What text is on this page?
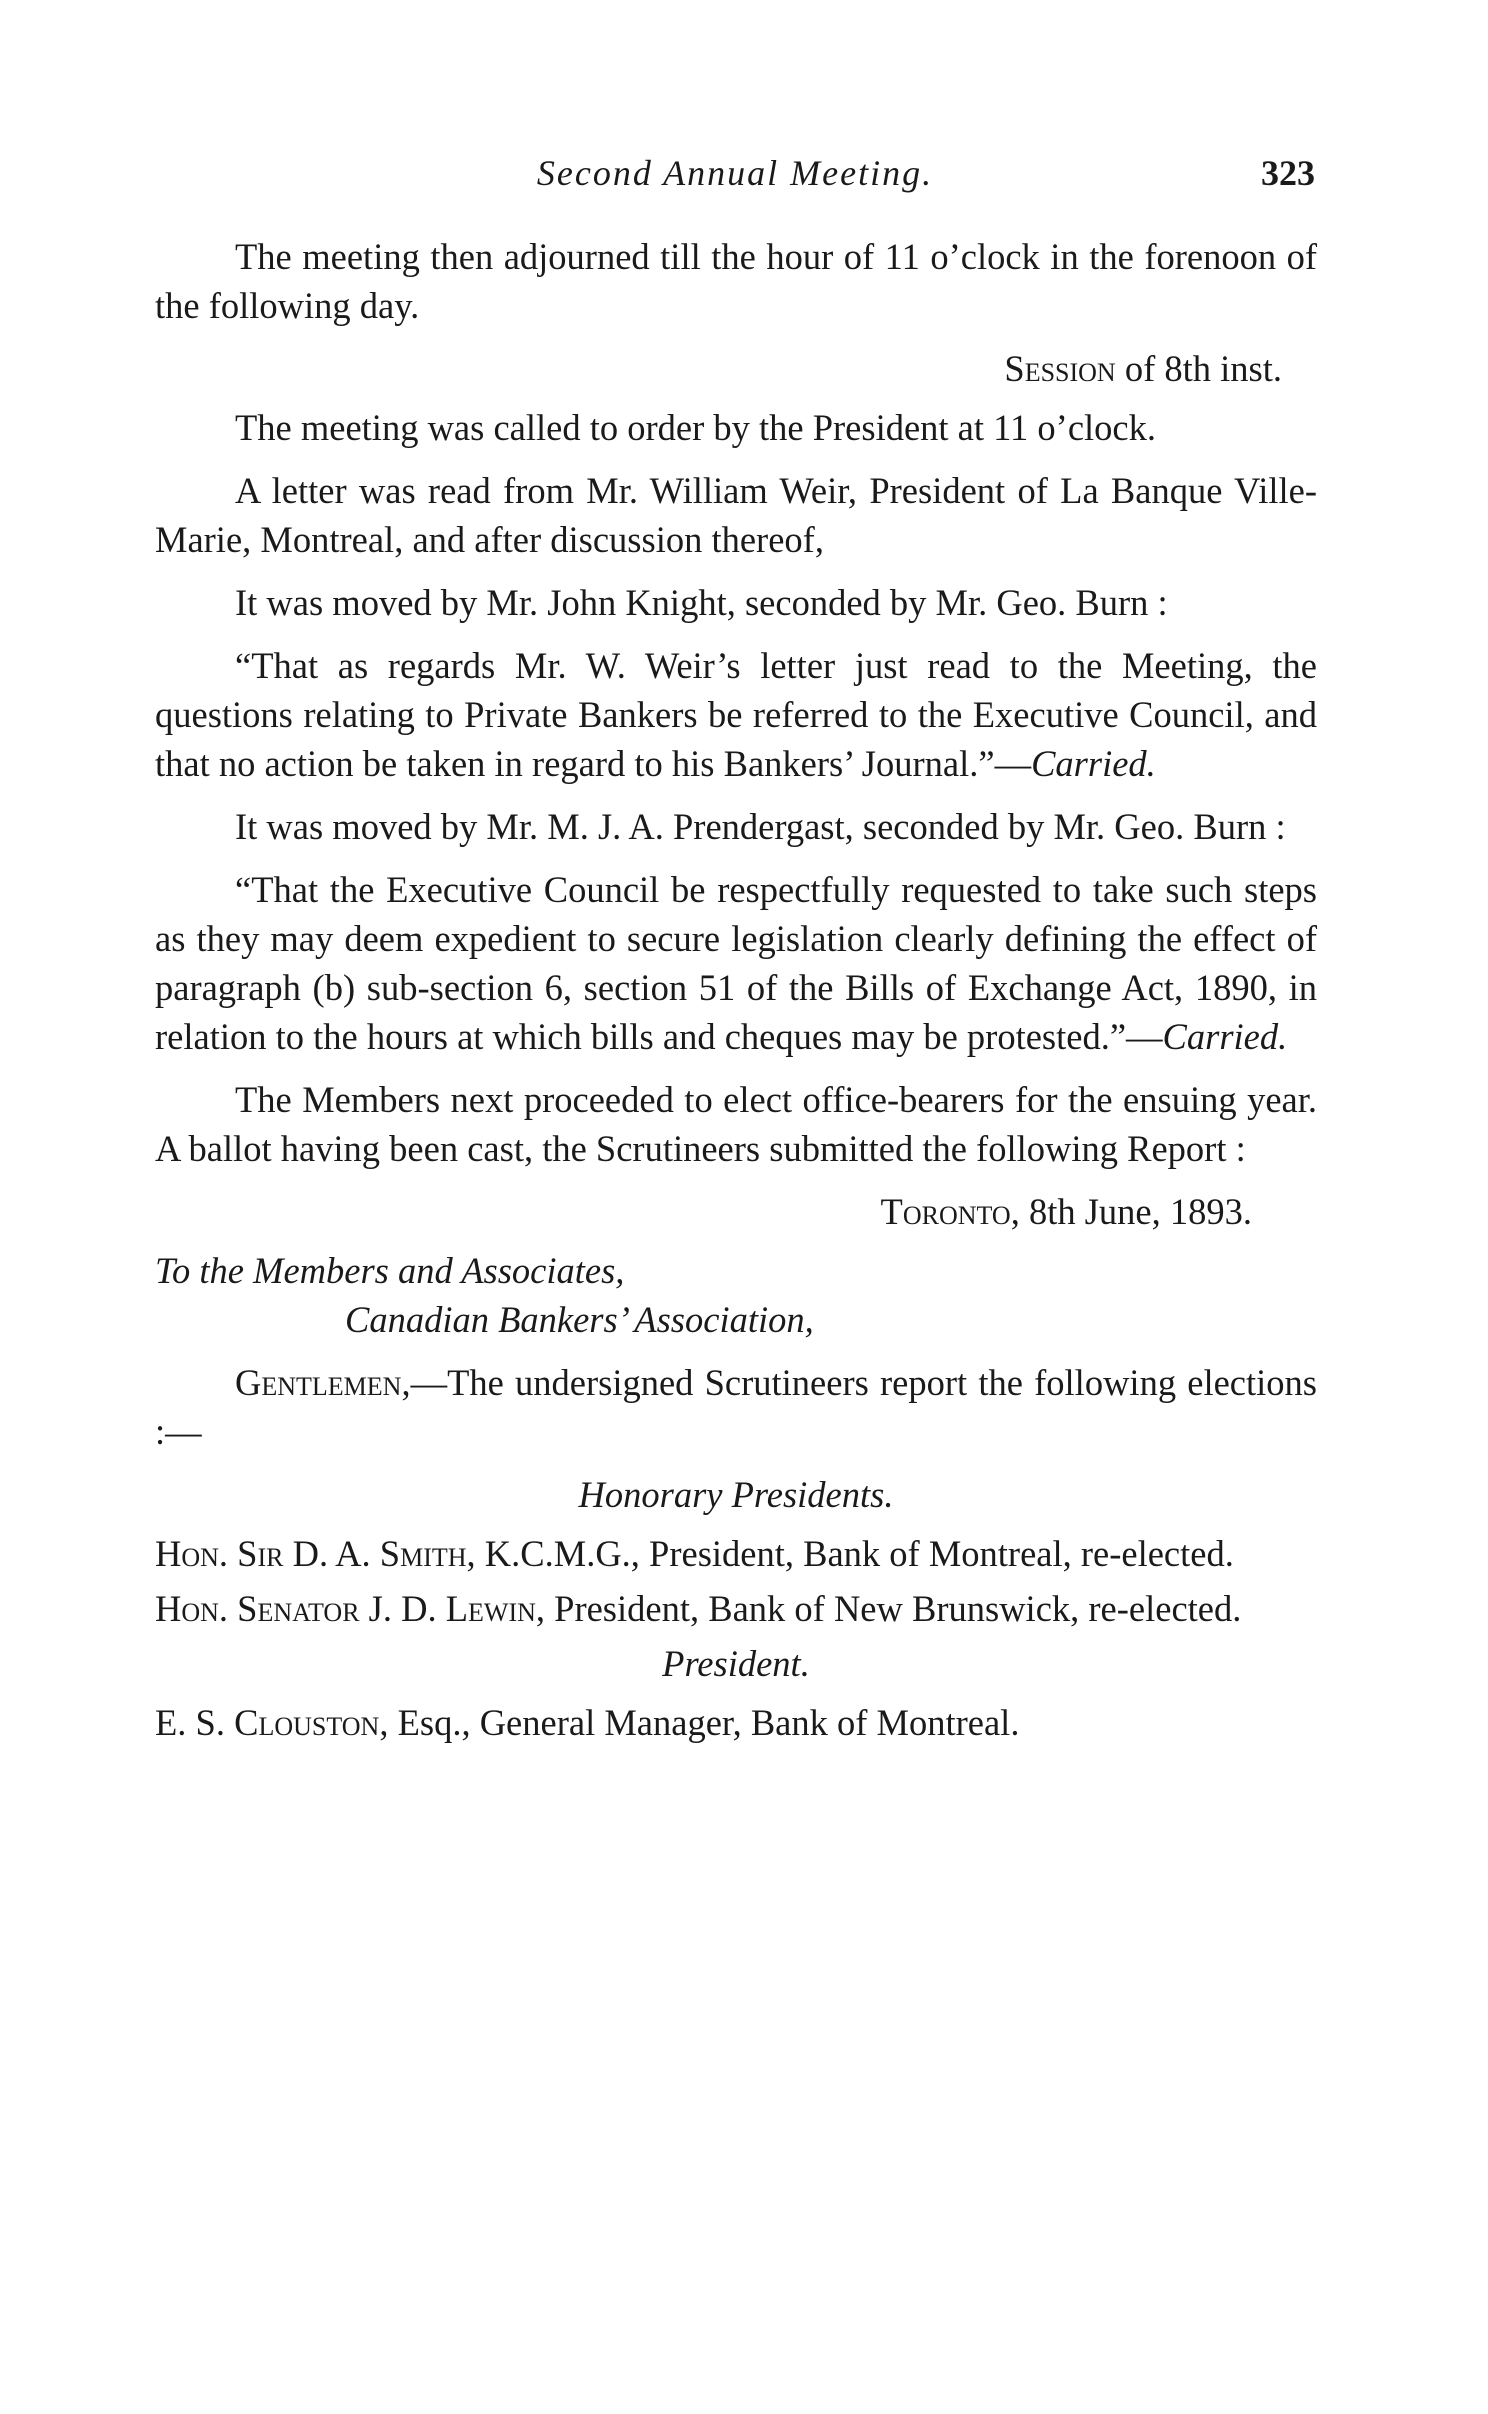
Second Annual Meeting.	323

The meeting then adjourned till the hour of 11 o’clock in the forenoon of the following day.

Session of 8th inst.

The meeting was called to order by the President at 11 o’clock.

A letter was read from Mr. William Weir, President of La Banque Ville-Marie, Montreal, and after discussion thereof,

It was moved by Mr. John Knight, seconded by Mr. Geo. Burn :

“That as regards Mr. W. Weir’s letter just read to the Meeting, the questions relating to Private Bankers be referred to the Executive Council, and that no action be taken in regard to his Bankers’ Journal.”—Carried.

It was moved by Mr. M. J. A. Prendergast, seconded by Mr. Geo. Burn :

“That the Executive Council be respectfully requested to take such steps as they may deem expedient to secure legislation clearly defining the effect of paragraph (b) sub-section 6, section 51 of the Bills of Exchange Act, 1890, in relation to the hours at which bills and cheques may be protested.”—Carried.

The Members next proceeded to elect office-bearers for the ensuing year. A ballot having been cast, the Scrutineers submitted the following Report :

Toronto, 8th June, 1893.

To the Members and Associates,

Canadian Bankers’ Association,

Gentlemen,—The undersigned Scrutineers report the following elections :—

Honorary Presidents.

Hon. Sir D. A. Smith, K.C.M.G., President, Bank of Montreal, re-elected.

Hon. Senator J. D. Lewin, President, Bank of New Brunswick, re-elected.

President.

E. S. Clouston, Esq., General Manager, Bank of Montreal.
